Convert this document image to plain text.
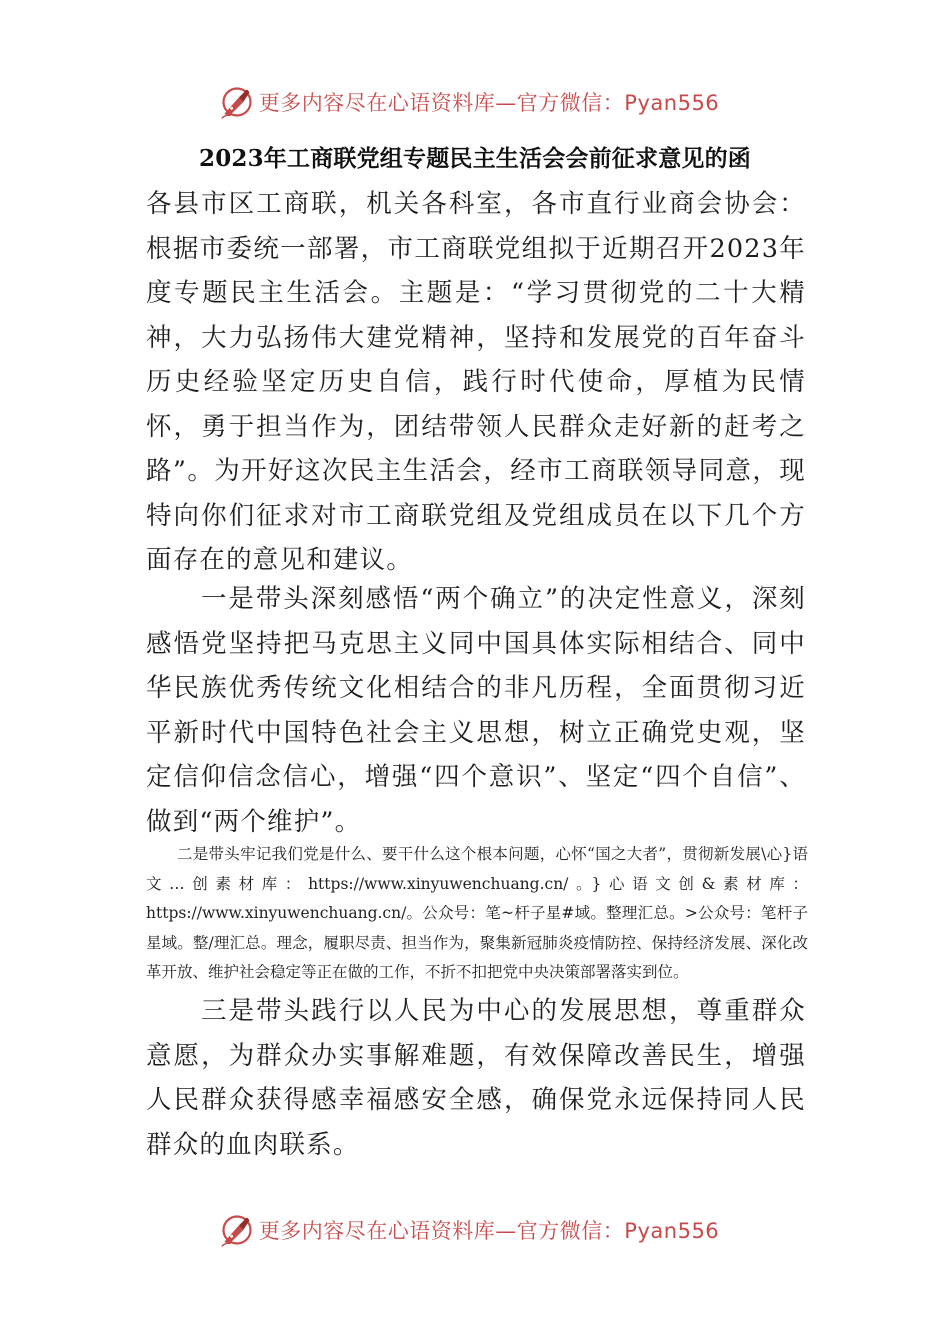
更多内容尽在心语资料库—官方微信：Pyan556
2023年工商联党组专题民主生活会会前征求意见的函

各县市区工商联，机关各科室，各市直行业商会协会：根据市委统一部署，市工商联党组拟于近期召开2023年度专题民主生活会。主题是：“学习贯彻党的二十大精神，大力弘扬伟大建党精神，坚持和发展党的百年奋斗历史经验坚定历史自信，践行时代使命，厚植为民情怀，勇于担当作为，团结带领人民群众走好新的赶考之路”。为开好这次民主生活会，经市工商联领导同意，现特向你们征求对市工商联党组及党组成员在以下几个方面存在的意见和建议。

一是带头深刻感悟“两个确立”的决定性意义，深刻感悟党坚持把马克思主义同中国具体实际相结合、同中华民族优秀传统文化相结合的非凡历程，全面贯彻习近平新时代中国特色社会主义思想，树立正确党史观，坚定信仰信念信心，增强“四个意识”、坚定“四个自信”、做到“两个维护”。

二是带头牢记我们党是什么、要干什么这个根本问题，心怀“国之大者”，贯彻新发展\心}语文…创素材库：https://www.xinyuwenchuang.cn/。}心语文创&素材库：https://www.xinyuwenchuang.cn/。公众号：笔~杆子星#域。整理汇总。>公众号：笔杆子星域。整/理汇总。理念，履职尽责、担当作为，聚集新冠肺炎疫情防控、保持经济发展、深化改革开放、维护社会稳定等正在做的工作，不折不扣把党中央决策部署落实到位。

三是带头践行以人民为中心的发展思想，尊重群众意愿，为群众办实事解难题，有效保障改善民生，增强人民群众获得感幸福感安全感，确保党永远保持同人民群众的血肉联系。

更多内容尽在心语资料库—官方微信：Pyan556
